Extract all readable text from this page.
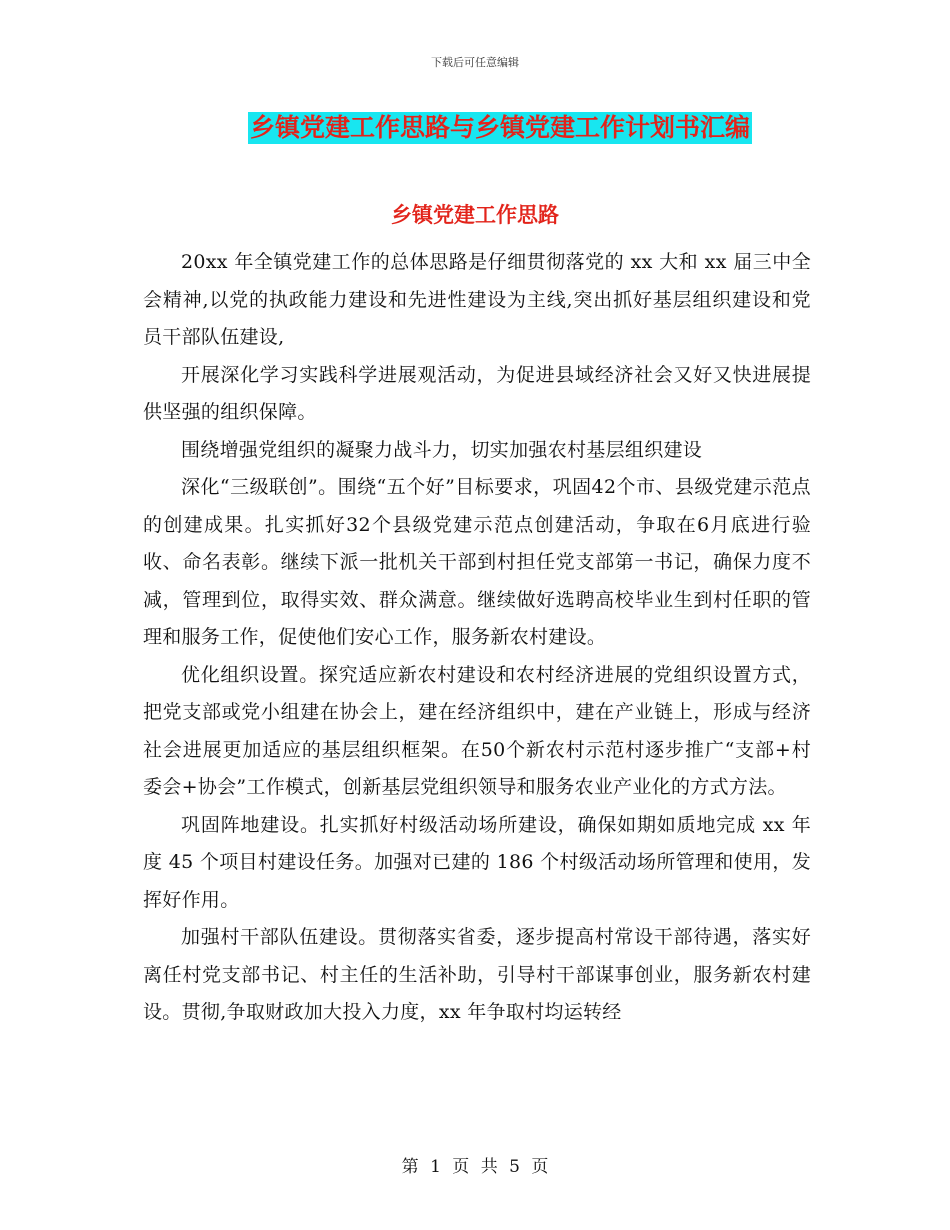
下载后可任意编辑
乡镇党建工作思路与乡镇党建工作计划书汇编
乡镇党建工作思路

20xx 年全镇党建工作的总体思路是仔细贯彻落党的 xx 大和 xx 届三中全会精神,以党的执政能力建设和先进性建设为主线,突出抓好基层组织建设和党员干部队伍建设,

开展深化学习实践科学进展观活动，为促进县域经济社会又好又快进展提供坚强的组织保障。

围绕增强党组织的凝聚力战斗力，切实加强农村基层组织建设

深化“三级联创”。围绕“五个好”目标要求，巩固42个市、县级党建示范点的创建成果。扎实抓好32个县级党建示范点创建活动，争取在6月底进行验收、命名表彰。继续下派一批机关干部到村担任党支部第一书记，确保力度不减，管理到位，取得实效、群众满意。继续做好选聘高校毕业生到村任职的管理和服务工作，促使他们安心工作，服务新农村建设。

优化组织设置。探究适应新农村建设和农村经济进展的党组织设置方式，把党支部或党小组建在协会上，建在经济组织中，建在产业链上，形成与经济社会进展更加适应的基层组织框架。在50个新农村示范村逐步推广“支部+村委会+协会”工作模式，创新基层党组织领导和服务农业产业化的方式方法。

巩固阵地建设。扎实抓好村级活动场所建设，确保如期如质地完成 xx 年度 45 个项目村建设任务。加强对已建的 186 个村级活动场所管理和使用，发挥好作用。

加强村干部队伍建设。贯彻落实省委，逐步提高村常设干部待遇，落实好离任村党支部书记、村主任的生活补助，引导村干部谋事创业，服务新农村建设。贯彻,争取财政加大投入力度，xx 年争取村均运转经

第 1 页 共 5 页
